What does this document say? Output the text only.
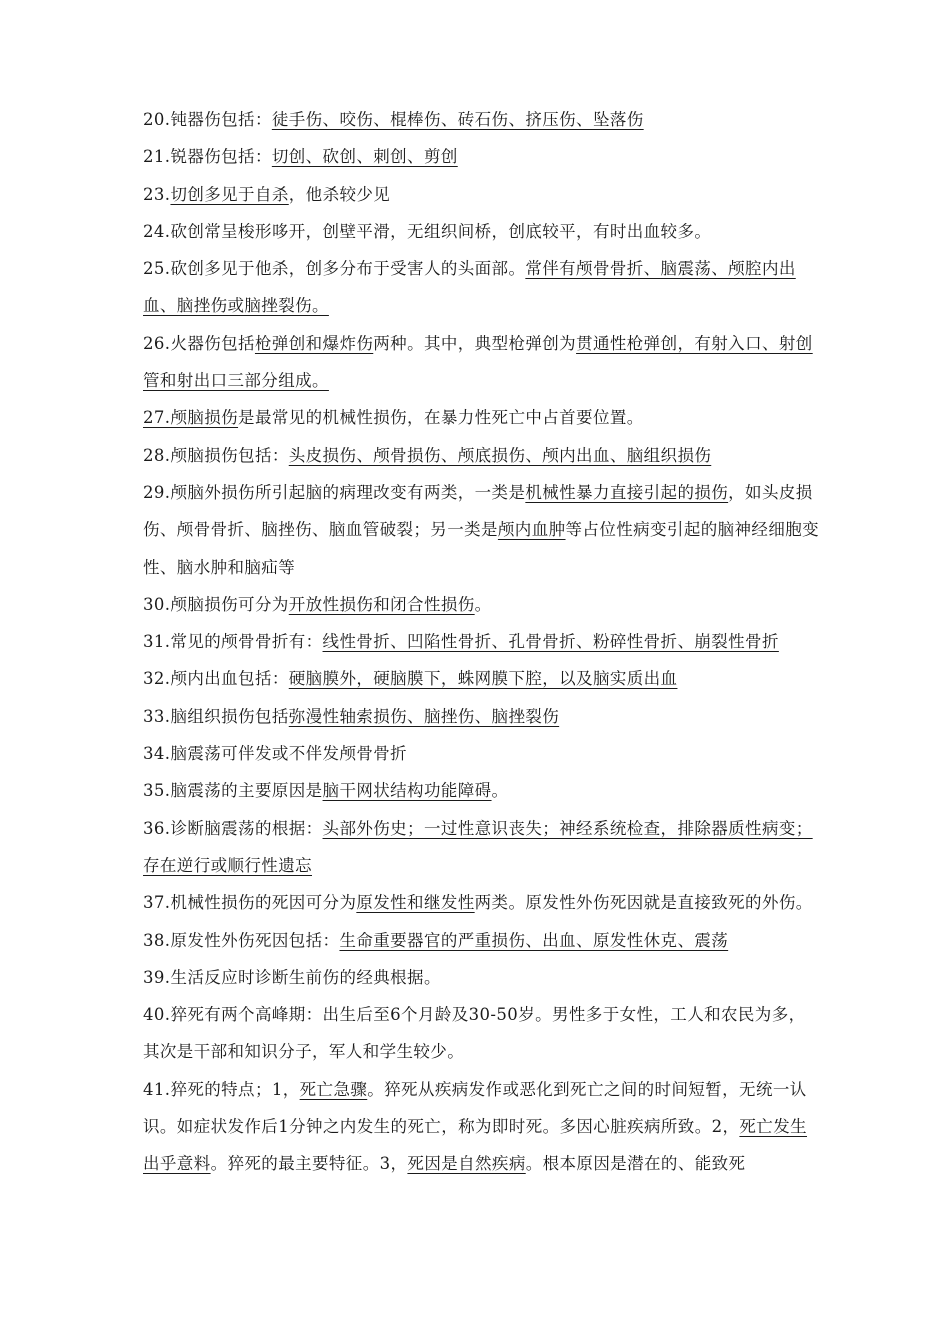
20.钝器伤包括：徒手伤、咬伤、棍棒伤、砖石伤、挤压伤、坠落伤

21.锐器伤包括：切创、砍创、刺创、剪创

23.切创多见于自杀，他杀较少见

24.砍创常呈梭形哆开，创壁平滑，无组织间桥，创底较平，有时出血较多。

25.砍创多见于他杀，创多分布于受害人的头面部。常伴有颅骨骨折、脑震荡、颅腔内出血、脑挫伤或脑挫裂伤。

26.火器伤包括枪弹创和爆炸伤两种。其中，典型枪弹创为贯通性枪弹创，有射入口、射创管和射出口三部分组成。

27.颅脑损伤是最常见的机械性损伤，在暴力性死亡中占首要位置。

28.颅脑损伤包括：头皮损伤、颅骨损伤、颅底损伤、颅内出血、脑组织损伤

29.颅脑外损伤所引起脑的病理改变有两类，一类是机械性暴力直接引起的损伤，如头皮损伤、颅骨骨折、脑挫伤、脑血管破裂；另一类是颅内血肿等占位性病变引起的脑神经细胞变性、脑水肿和脑疝等

30.颅脑损伤可分为开放性损伤和闭合性损伤。

31.常见的颅骨骨折有：线性骨折、凹陷性骨折、孔骨骨折、粉碎性骨折、崩裂性骨折

32.颅内出血包括：硬脑膜外，硬脑膜下，蛛网膜下腔，以及脑实质出血

33.脑组织损伤包括弥漫性轴索损伤、脑挫伤、脑挫裂伤

34.脑震荡可伴发或不伴发颅骨骨折

35.脑震荡的主要原因是脑干网状结构功能障碍。

36.诊断脑震荡的根据：头部外伤史；一过性意识丧失；神经系统检查，排除器质性病变；存在逆行或顺行性遗忘

37.机械性损伤的死因可分为原发性和继发性两类。原发性外伤死因就是直接致死的外伤。

38.原发性外伤死因包括：生命重要器官的严重损伤、出血、原发性休克、震荡

39.生活反应时诊断生前伤的经典根据。

40.猝死有两个高峰期：出生后至6个月龄及30-50岁。男性多于女性，工人和农民为多，其次是干部和知识分子，军人和学生较少。

41.猝死的特点；1，死亡急骤。猝死从疾病发作或恶化到死亡之间的时间短暂，无统一认识。如症状发作后1分钟之内发生的死亡，称为即时死。多因心脏疾病所致。2，死亡发生出乎意料。猝死的最主要特征。3，死因是自然疾病。根本原因是潜在的、能致死
